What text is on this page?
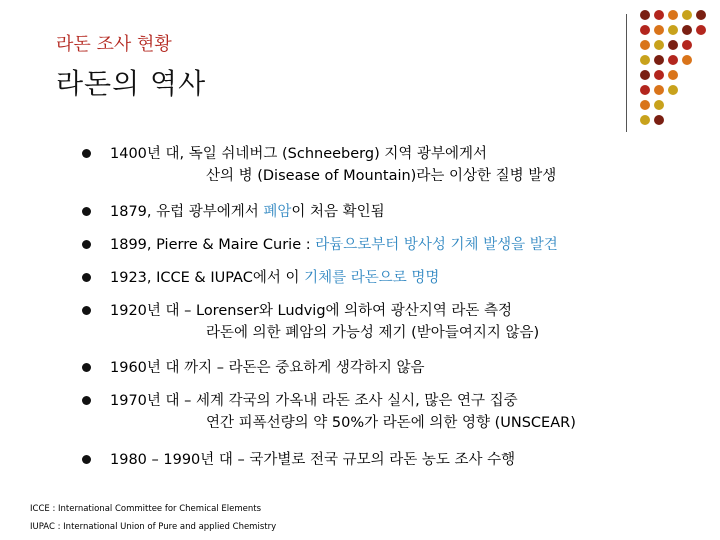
라돈 조사 현황
라돈의 역사
1400년 대, 독일 쉬네버그 (Schneeberg) 지역 광부에게서
산의 병 (Disease of Mountain)라는 이상한 질병 발생
1879, 유럽 광부에게서 폐암이 처음 확인됨
1899, Pierre & Maire Curie : 라듐으로부터 방사성 기체 발생을 발견
1923, ICCE & IUPAC에서 이 기체를 라돈으로 명명
1920년 대 – Lorenser와 Ludvig에 의하여 광산지역 라돈 측정
라돈에 의한 폐암의 가능성 제기 (받아들여지지 않음)
1960년 대 까지 – 라돈은 중요하게 생각하지 않음
1970년 대 – 세계 각국의 가옥내 라돈 조사 실시, 많은 연구 집중
연간 피폭선량의 약 50%가 라돈에 의한 영향 (UNSCEAR)
1980 – 1990년 대 – 국가별로 전국 규모의 라돈 농도 조사 수행
ICCE : International Committee for Chemical Elements
IUPAC : International Union of Pure and applied Chemistry
